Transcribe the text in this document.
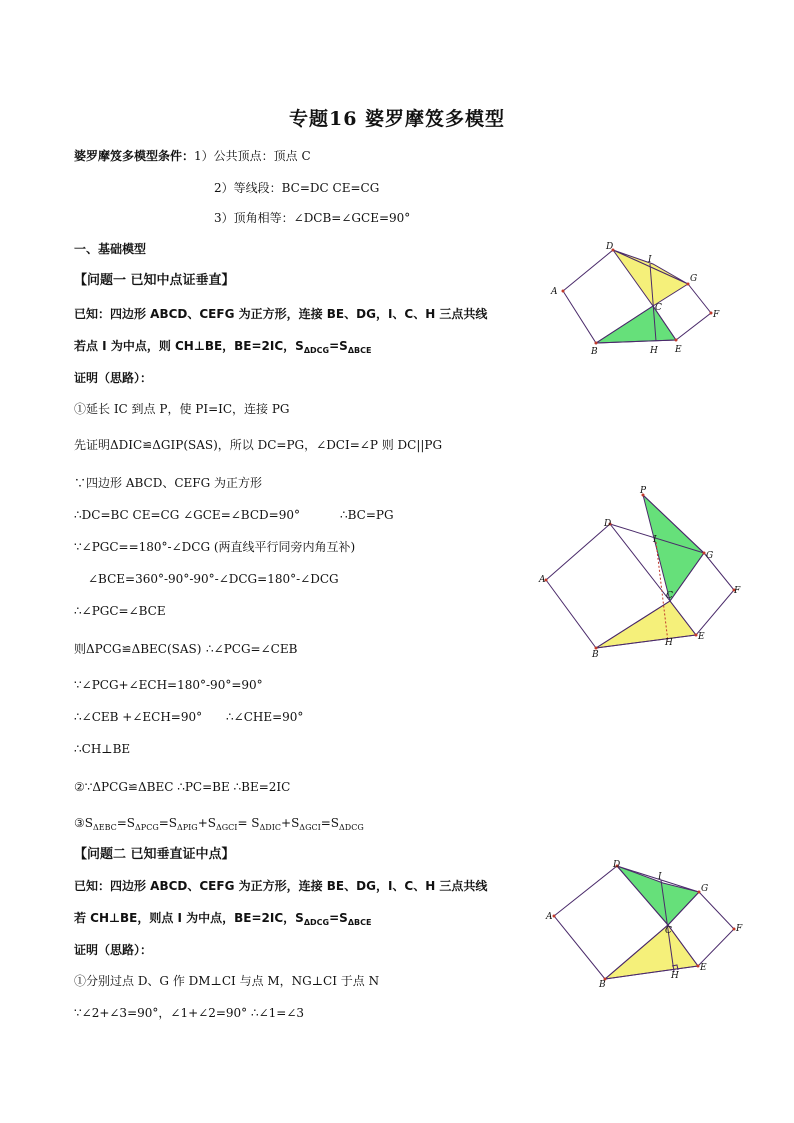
专题16 婆罗摩笈多模型
婆罗摩笈多模型条件：1）公共顶点：顶点 C
2）等线段：BC=DC CE=CG
3）顶角相等：∠DCB=∠GCE=90°
一、基础模型
【问题一 已知中点证垂直】
已知：四边形 ABCD、CEFG 为正方形，连接 BE、DG，I、C、H 三点共线
若点 I 为中点，则 CH⊥BE，BE=2IC，$S_{\Delta DCG}=S_{\Delta BCE}$
证明（思路）：
①延长 IC 到点 P，使 PI=IC，连接 PG
先证明ΔDIC≌ΔGIP(SAS)，所以 DC=PG，∠DCI=∠P 则 DC||PG
∵四边形 ABCD、CEFG 为正方形
∴DC=BC CE=CG ∠GCE=∠BCD=90°	∴BC=PG
∵∠PGC==180°-∠DCG (两直线平行同旁内角互补)
∠BCE=360°-90°-90°-∠DCG=180°-∠DCG
∴∠PGC=∠BCE
则ΔPCG≌ΔBEC(SAS) ∴∠PCG=∠CEB
∵∠PCG+∠ECH=180°-90°=90°
∴∠CEB +∠ECH=90° ∴∠CHE=90°
∴CH⊥BE
②∵ΔPCG≌ΔBEC ∴PC=BE ∴BE=2IC
$③S_{\Delta EBC}=S_{\Delta PCG}=S_{\Delta PIG}+S_{\Delta GCI}= S_{\Delta DIC}+S_{\Delta GCI}=S_{\Delta DCG}$
【问题二 已知垂直证中点】
已知：四边形 ABCD、CEFG 为正方形，连接 BE、DG，I、C、H 三点共线
若 CH⊥BE，则点 I 为中点，BE=2IC，$S_{\Delta DCG}=S_{\Delta BCE}$
证明（思路）：
①分别过点 D、G 作 DM⊥CI 与点 M，NG⊥CI 于点 N
∵∠2+∠3=90°，∠1+∠2=90° ∴∠1=∠3
A
D
I
G
C
F
B	H E
P
D
I
G
A
C	F
E
H
B
A
D
I
G
C	F
E
H
B
